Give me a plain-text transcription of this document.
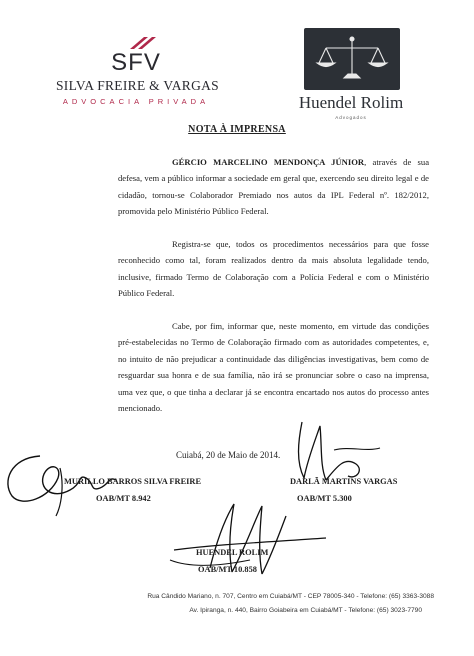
SFV
SILVA FREIRE & VARGAS
ADVOCACIA PRIVADA	Huendel Rolim
Advogados
NOTA À IMPRENSA
GÉRCIO MARCELINO MENDONÇA JÚNIOR, através de sua defesa, vem a público informar a sociedade em geral que, exercendo seu direito legal e de cidadão, tornou-se Colaborador Premiado nos autos da IPL Federal nº. 182/2012, promovida pelo Ministério Público Federal.
Registra-se que, todos os procedimentos necessários para que fosse reconhecido como tal, foram realizados dentro da mais absoluta legalidade tendo, inclusive, firmado Termo de Colaboração com a Polícia Federal e com o Ministério Público Federal.
Cabe, por fim, informar que, neste momento, em virtude das condições pré-estabelecidas no Termo de Colaboração firmado com as autoridades competentes, e, no intuito de não prejudicar a continuidade das diligências investigativas, bem como de resguardar sua honra e de sua família, não irá se pronunciar sobre o caso na imprensa, uma vez que, o que tinha a declarar já se encontra encartado nos autos do processo antes mencionado.
Cuiabá, 20 de Maio de 2014.
MURILLO BARROS SILVA FREIRE
OAB/MT 8.942
DARLÃ MARTINS VARGAS
OAB/MT 5.300
HUENDEL ROLIM
OAB/MT 10.858
Rua Cândido Mariano, n. 707, Centro em Cuiabá/MT - CEP 78005-340 - Telefone: (65) 3363-3088
Av. Ipiranga, n. 440, Bairro Goiabeira em Cuiabá/MT - Telefone: (65) 3023-7790
